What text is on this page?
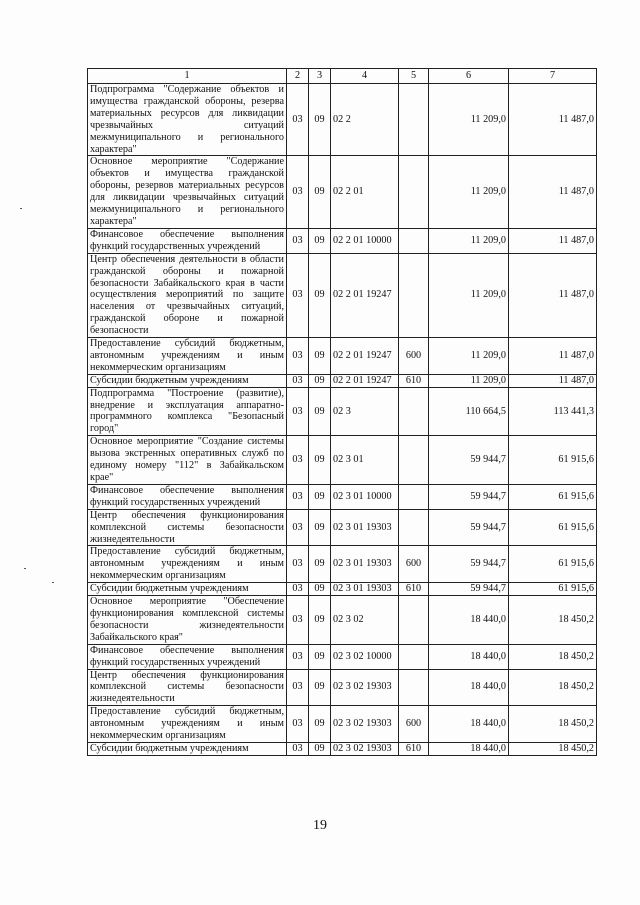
1	2	3	4	5	6	7
Подпрограмма "Содержание объектов и имущества гражданской обороны, резерва материальных ресурсов для ликвидации чрезвычайных ситуаций межмуниципального и регионального характера"	03	09	02 2		11 209,0	11 487,0
Основное мероприятие "Содержание объектов и имущества гражданской обороны, резервов материальных ресурсов для ликвидации чрезвычайных ситуаций межмуниципального и регионального характера"	03	09	02 2 01		11 209,0	11 487,0
Финансовое обеспечение выполнения функций государственных учреждений	03	09	02 2 01 10000		11 209,0	11 487,0
Центр обеспечения деятельности в области гражданской обороны и пожарной безопасности Забайкальского края в части осуществления мероприятий по защите населения от чрезвычайных ситуаций, гражданской обороне и пожарной безопасности	03	09	02 2 01 19247		11 209,0	11 487,0
Предоставление субсидий бюджетным, автономным учреждениям и иным некоммерческим организациям	03	09	02 2 01 19247	600	11 209,0	11 487,0
Субсидии бюджетным учреждениям	03	09	02 2 01 19247	610	11 209,0	11 487,0
Подпрограмма "Построение (развитие), внедрение и эксплуатация аппаратно-программного комплекса "Безопасный город"	03	09	02 3		110 664,5	113 441,3
Основное мероприятие "Создание системы вызова экстренных оперативных служб по единому номеру "112" в Забайкальском крае"	03	09	02 3 01		59 944,7	61 915,6
Финансовое обеспечение выполнения функций государственных учреждений	03	09	02 3 01 10000		59 944,7	61 915,6
Центр обеспечения функционирования комплексной системы безопасности жизнедеятельности	03	09	02 3 01 19303		59 944,7	61 915,6
Предоставление субсидий бюджетным, автономным учреждениям и иным некоммерческим организациям	03	09	02 3 01 19303	600	59 944,7	61 915,6
Субсидии бюджетным учреждениям	03	09	02 3 01 19303	610	59 944,7	61 915,6
Основное мероприятие "Обеспечение функционирования комплексной системы безопасности жизнедеятельности Забайкальского края"	03	09	02 3 02		18 440,0	18 450,2
Финансовое обеспечение выполнения функций государственных учреждений	03	09	02 3 02 10000		18 440,0	18 450,2
Центр обеспечения функционирования комплексной системы безопасности жизнедеятельности	03	09	02 3 02 19303		18 440,0	18 450,2
Предоставление субсидий бюджетным, автономным учреждениям и иным некоммерческим организациям	03	09	02 3 02 19303	600	18 440,0	18 450,2
Субсидии бюджетным учреждениям	03	09	02 3 02 19303	610	18 440,0	18 450,2
19
